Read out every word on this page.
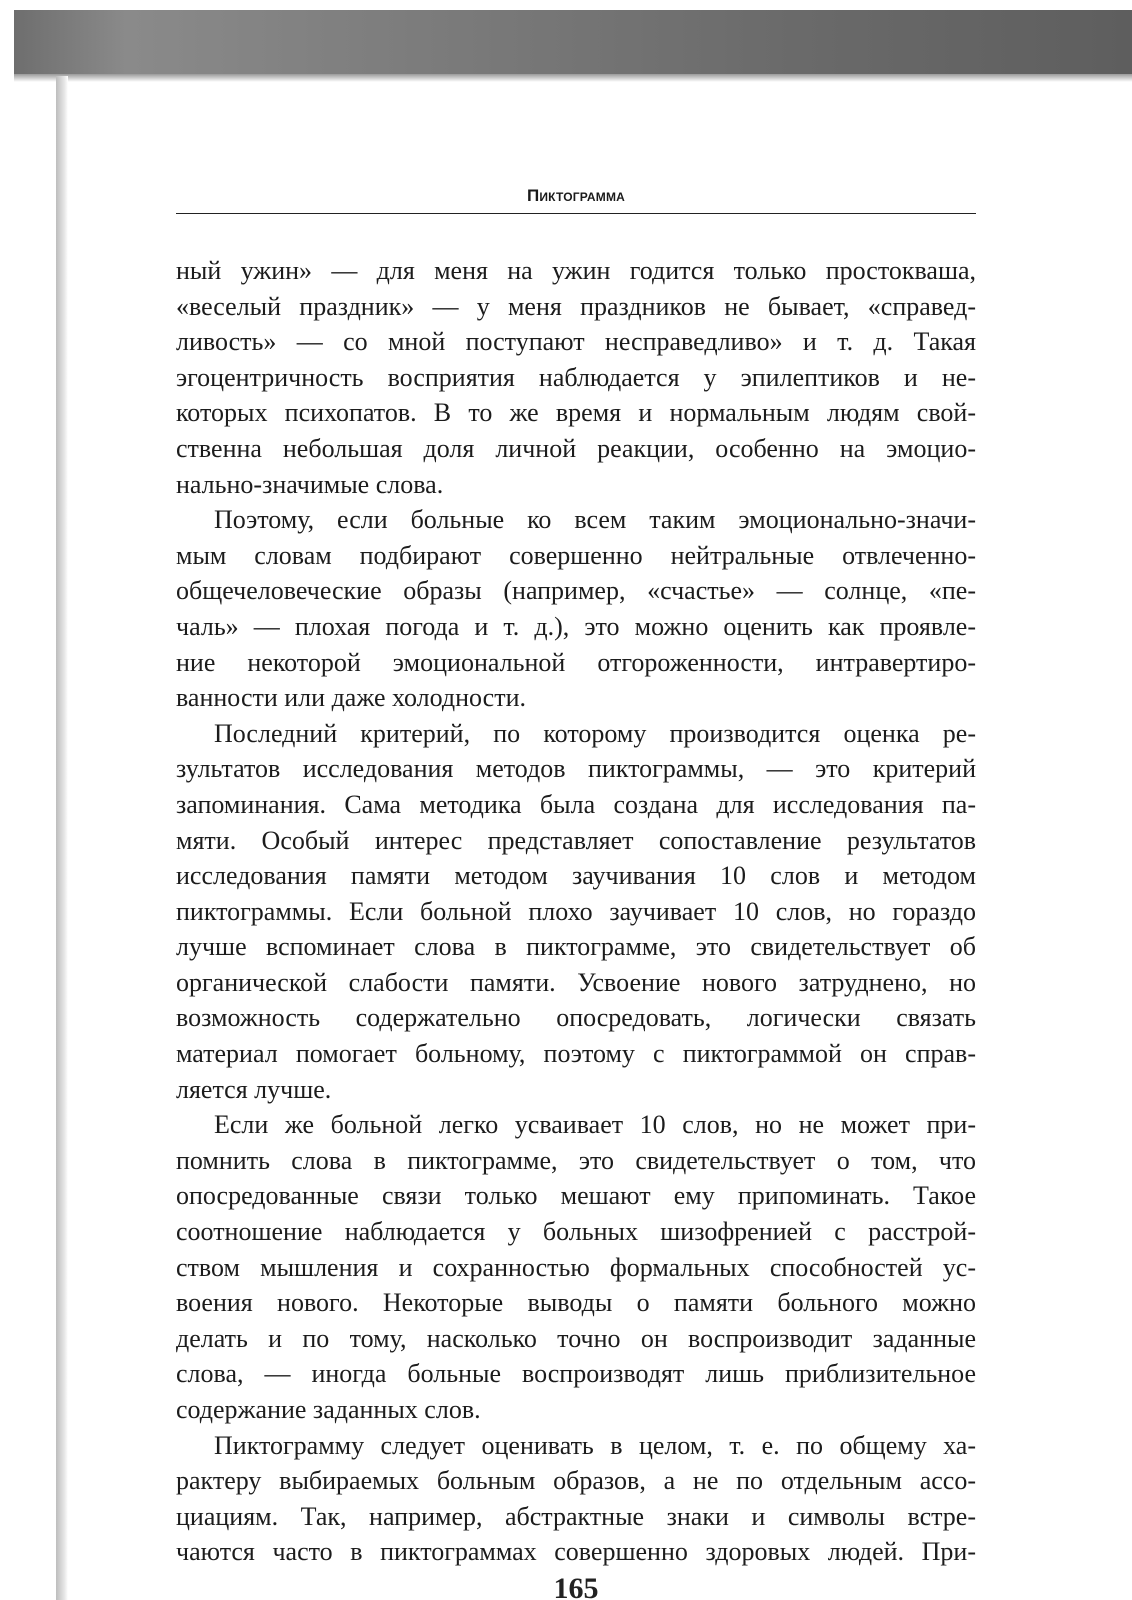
Пиктограмма
ный ужин» — для меня на ужин годится только простокваша,
«веселый праздник» — у меня праздников не бывает, «справед-
ливость» — со мной поступают несправедливо» и т. д. Такая
эгоцентричность восприятия наблюдается у эпилептиков и не-
которых психопатов. В то же время и нормальным людям свой-
ственна небольшая доля личной реакции, особенно на эмоцио-
нально-значимые слова.
Поэтому, если больные ко всем таким эмоционально-значи-
мым словам подбирают совершенно нейтральные отвлеченно-
общечеловеческие образы (например, «счастье» — солнце, «пе-
чаль» — плохая погода и т. д.), это можно оценить как проявле-
ние некоторой эмоциональной отгороженности, интравертиро-
ванности или даже холодности.
Последний критерий, по которому производится оценка ре-
зультатов исследования методов пиктограммы, — это критерий
запоминания. Сама методика была создана для исследования па-
мяти. Особый интерес представляет сопоставление результатов
исследования памяти методом заучивания 10 слов и методом
пиктограммы. Если больной плохо заучивает 10 слов, но гораздо
лучше вспоминает слова в пиктограмме, это свидетельствует об
органической слабости памяти. Усвоение нового затруднено, но
возможность содержательно опосредовать, логически связать
материал помогает больному, поэтому с пиктограммой он справ-
ляется лучше.
Если же больной легко усваивает 10 слов, но не может при-
помнить слова в пиктограмме, это свидетельствует о том, что
опосредованные связи только мешают ему припоминать. Такое
соотношение наблюдается у больных шизофренией с расстрой-
ством мышления и сохранностью формальных способностей ус-
воения нового. Некоторые выводы о памяти больного можно
делать и по тому, насколько точно он воспроизводит заданные
слова, — иногда больные воспроизводят лишь приблизительное
содержание заданных слов.
Пиктограмму следует оценивать в целом, т. е. по общему ха-
рактеру выбираемых больным образов, а не по отдельным ассо-
циациям. Так, например, абстрактные знаки и символы встре-
чаются часто в пиктограммах совершенно здоровых людей. При-
165
